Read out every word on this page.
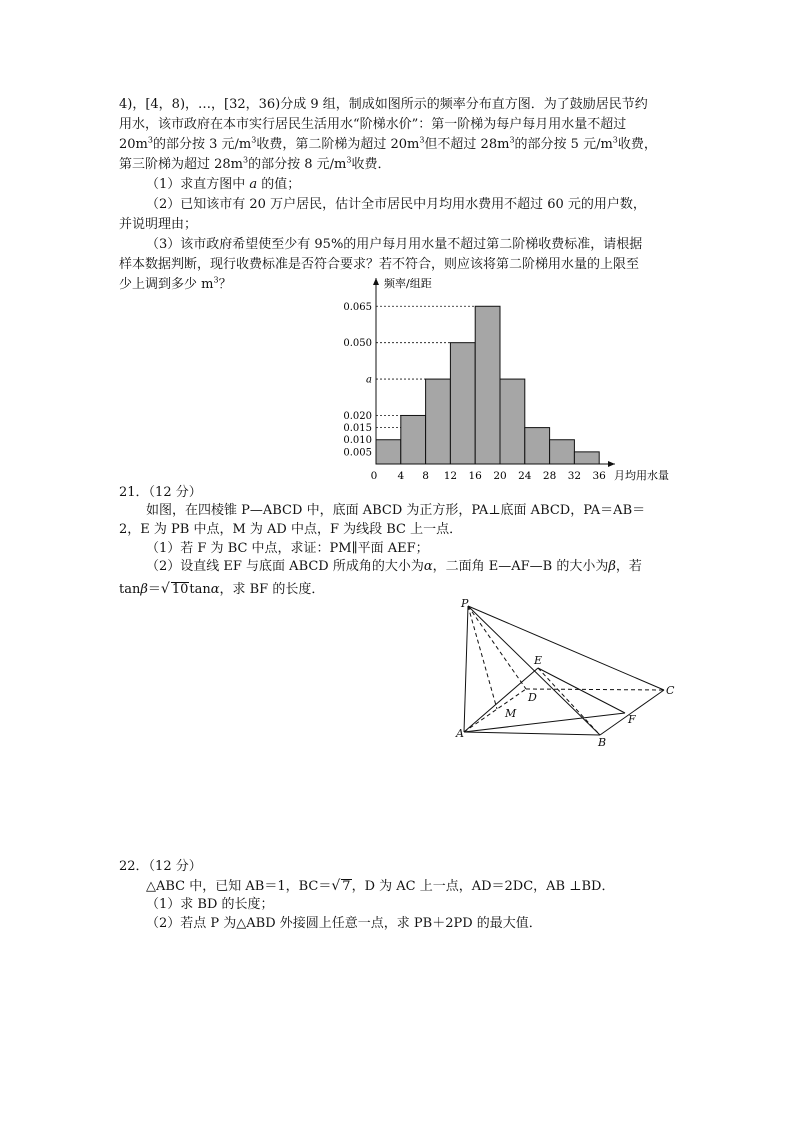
4)，[4，8)，…，[32，36)分成 9 组，制成如图所示的频率分布直方图．为了鼓励居民节约
用水，该市政府在本市实行居民生活用水“阶梯水价”：第一阶梯为每户每月用水量不超过
$20m^3$的部分按 3 元$/m^3$收费，第二阶梯为超过 $20m^3$但不超过 $28m^3$的部分按 5 元$/m^3$收费，
第三阶梯为超过 $28m^3$的部分按 8 元$/m^3$收费．
（1）求直方图中 a 的值；
（2）已知该市有 20 万户居民，估计全市居民中月均用水费用不超过 60 元的用户数，
并说明理由；
（3）该市政府希望使至少有 95%的用户每月用水量不超过第二阶梯收费标准，请根据
样本数据判断，现行收费标准是否符合要求？若不符合，则应该将第二阶梯用水量的上限至
少上调到多少 $m^3$？	频率/组距
月均用水量
0.065
0.050
a
0.020
0.015
0.010
0.005
0 4 8 12 16 20 24 28 32 36
21．（12 分）
如图，在四棱锥 P—ABCD 中，底面 ABCD 为正方形，PA⊥底面 ABCD，PA＝AB＝
2，E 为 PB 中点，M 为 AD 中点，F 为线段 BC 上一点．
（1）若 F 为 BC 中点，求证：PM∥平面 AEF；
（2）设直线 EF 与底面 ABCD 所成角的大小为α，二面角 E—AF—B 的大小为β，若
tanβ＝√ 10tanα，求 BF 的长度．
P
E
D
C
M	F
A
B
22．（12 分）
△ABC 中，已知 AB＝1，BC＝√ 7，D 为 AC 上一点，AD＝2DC，AB ⊥BD．
（1）求 BD 的长度；
（2）若点 P 为△ABD 外接圆上任意一点，求 PB＋2PD 的最大值．
